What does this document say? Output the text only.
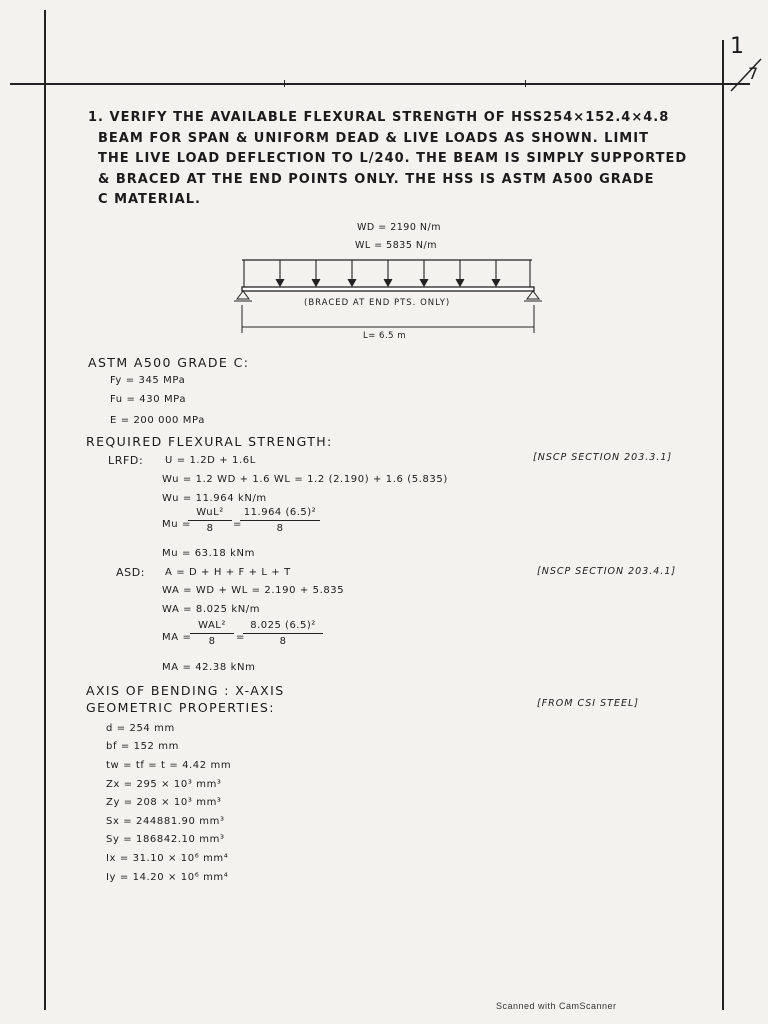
1
7
1. VERIFY THE AVAILABLE FLEXURAL STRENGTH OF HSS254×152.4×4.8
BEAM FOR SPAN & UNIFORM DEAD & LIVE LOADS AS SHOWN. LIMIT
THE LIVE LOAD DEFLECTION TO L/240. THE BEAM IS SIMPLY SUPPORTED
& BRACED AT THE END POINTS ONLY. THE HSS IS ASTM A500 GRADE
C MATERIAL.
WD = 2190 N/m
WL = 5835 N/m
(BRACED AT END PTS. ONLY)
L= 6.5 m
ASTM A500 GRADE C:
Fy = 345 MPa
Fu = 430 MPa
E = 200 000 MPa
REQUIRED FLEXURAL STRENGTH:
LRFD: U = 1.2D + 1.6L	[NSCP SECTION 203.3.1]
Wu = 1.2 WD + 1.6 WL = 1.2 (2.190) + 1.6 (5.835)
Wu = 11.964 kN/m
Mu =
WuL²
8	=
11.964 (6.5)²
8
Mu = 63.18 kNm
ASD: A = D + H + F + L + T	[NSCP SECTION 203.4.1]
WA = WD + WL = 2.190 + 5.835
WA = 8.025 kN/m
MA =
WAL²
8	=
8.025 (6.5)²
8
MA = 42.38 kNm
AXIS OF BENDING : X-AXIS
GEOMETRIC PROPERTIES:	[FROM CSI STEEL]
d = 254 mm
bf = 152 mm
tw = tf = t = 4.42 mm
Zx = 295 × 10³ mm³
Zy = 208 × 10³ mm³
Sx = 244881.90 mm³
Sy = 186842.10 mm³
Ix = 31.10 × 10⁶ mm⁴
Iy = 14.20 × 10⁶ mm⁴
Scanned with CamScanner
